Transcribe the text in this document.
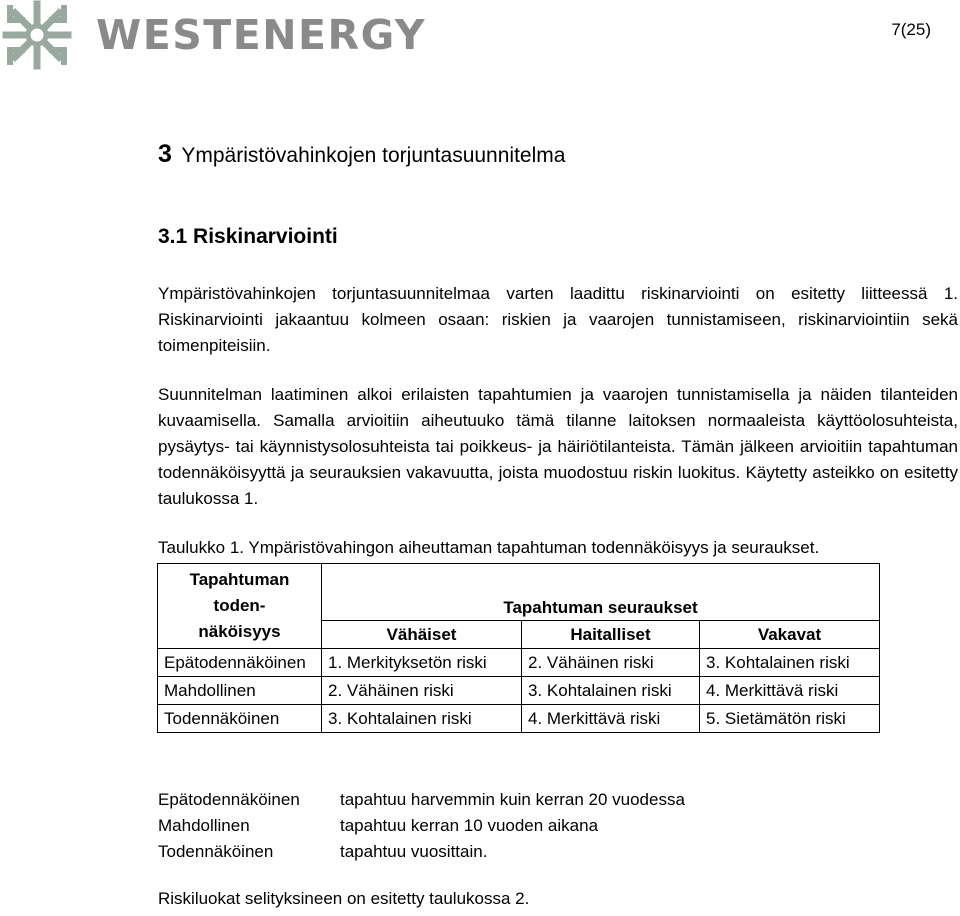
WESTENERGY	7(25)
3 Ympäristövahinkojen torjuntasuunnitelma
3.1 Riskinarviointi
Ympäristövahinkojen torjuntasuunnitelmaa varten laadittu riskinarviointi on esitetty liitteessä 1. Riskinarviointi jakaantuu kolmeen osaan: riskien ja vaarojen tunnistamiseen, riskinarviointiin sekä toimenpiteisiin.
Suunnitelman laatiminen alkoi erilaisten tapahtumien ja vaarojen tunnistamisella ja näiden tilanteiden kuvaamisella. Samalla arvioitiin aiheutuuko tämä tilanne laitoksen normaaleista käyttöolosuhteista, pysäytys- tai käynnistysolosuhteista tai poikkeus- ja häiriötilanteista. Tämän jälkeen arvioitiin tapahtuman todennäköisyyttä ja seurauksien vakavuutta, joista muodostuu riskin luokitus. Käytetty asteikko on esitetty taulukossa 1.
Taulukko 1. Ympäristövahingon aiheuttaman tapahtuman todennäköisyys ja seuraukset.
Tapahtuman
toden-
näköisyys	Tapahtuman seuraukset		
	Vähäiset	Haitalliset	Vakavat
Epätodennäköinen	1. Merkityksetön riski	2. Vähäinen riski	3. Kohtalainen riski
Mahdollinen	2. Vähäinen riski	3. Kohtalainen riski	4. Merkittävä riski
Todennäköinen	3. Kohtalainen riski	4. Merkittävä riski	5. Sietämätön riski
Epätodennäköinen	tapahtuu harvemmin kuin kerran 20 vuodessa
Mahdollinen	tapahtuu kerran 10 vuoden aikana
Todennäköinen	tapahtuu vuosittain.
Riskiluokat selityksineen on esitetty taulukossa 2.
